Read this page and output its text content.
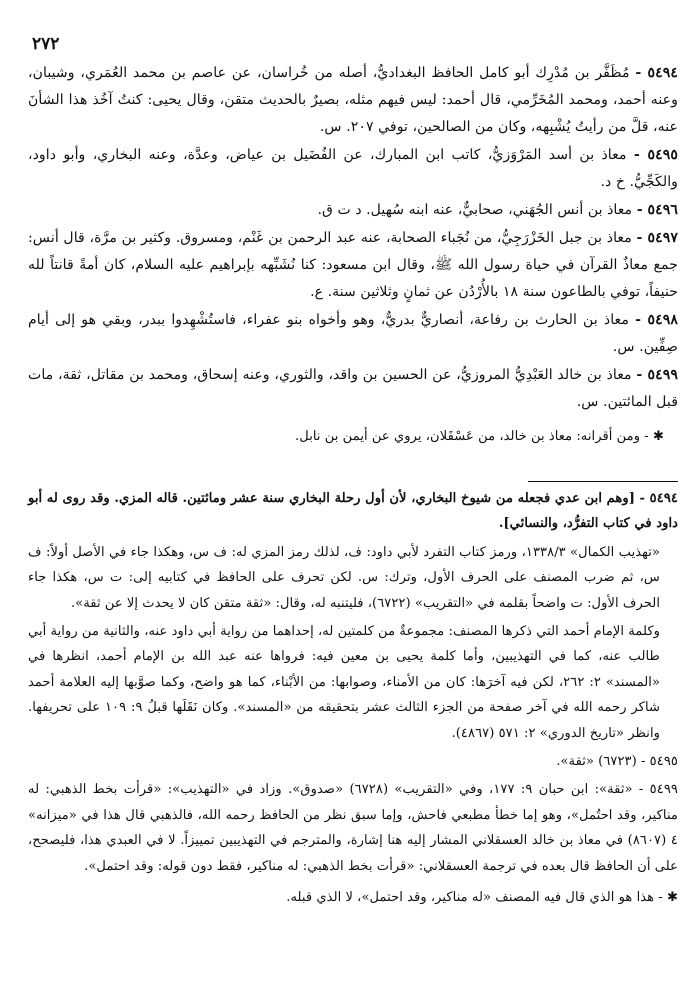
٢٧٢

٥٤٩٤ - مُظَفَّر بن مُدْرِك أبو كامل الحافظ البغداديُّ، أصله من خُراسان، عن عاصم بن محمد العُمَري، وشيبان، وعنه أحمد، ومحمد المُخَرِّمي، قال أحمد: ليس فيهم مثله، بصيرٌ بالحديث متقن، وقال يحيى: كنتُ آخُذ هذا الشأنَ عنه، قلَّ من رأيتُ يُشْبِهه، وكان من الصالحين، توفي ٢٠٧. س.

٥٤٩٥ - معاذ بن أسد المَرْوَزيُّ، كاتب ابن المبارك، عن الفُضَيل بن عياض، وعدَّة، وعنه البخاري، وأبو داود، والكَجِّيُّ. خ د.

٥٤٩٦ - معاذ بن أنس الجُهَني، صحابيٌّ، عنه ابنه سُهيل. د ت ق.

٥٤٩٧ - معاذ بن جبل الخَزْرَجِيُّ، من نُجَباء الصحابة، عنه عبد الرحمن بن غَنْم، ومسروق. وكثير بن مرَّة، قال أنس: جمع معاذٌ القرآن في حياة رسول الله ﷺ، وقال ابن مسعود: كنا نُشَبِّهه بإبراهيم عليه السلام، كان أمةً قانتاً لله حنيفاً، توفي بالطاعون سنة ١٨ بالأُرْدُن عن ثمانٍ وثلاثين سنة. ع.

٥٤٩٨ - معاذ بن الحارث بن رفاعة، أنصاريٌّ بدريٌّ، وهو وأخواه بنو عفراء، فاستُشْهِدوا ببدر، وبقي هو إلى أيام صِفِّين. س.

٥٤٩٩ - معاذ بن خالد العَبْدِيُّ المروزيُّ، عن الحسين بن واقد، والثوري، وعنه إسحاق، ومحمد بن مقاتل، ثقة، مات قبل المائتين. س.

✱ - ومن أقرانه: معاذ بن خالد، من عَسْقَلان، يروي عن أيمن بن نابل.

٥٤٩٤ - [وهم ابن عدي فجعله من شيوخ البخاري، لأن أول رحلة البخاري سنة عشر ومائتين. قاله المزي. وقد روى له أبو داود في كتاب التفرُّد، والنسائي].

«تهذيب الكمال» ١٣٣٨/٣، ورمز كتاب التفرد لأبي داود: ف، لذلك رمز المزي له: ف س، وهكذا جاء في الأصل أولاً: ف س، ثم ضرب المصنف على الحرف الأول، وترك: س. لكن تحرف على الحافظ في كتابيه إلى: ت س، هكذا جاء الحرف الأول: ت واضحاً بقلمه في «التقريب» (٦٧٢٢)، فليتنبه له، وقال: «ثقة متقن كان لا يحدث إلا عن ثقة».

وكلمة الإمام أحمد التي ذكرها المصنف: مجموعةٌ من كلمتين له، إحداهما من رواية أبي داود عنه، والثانية من رواية أبي طالب عنه، كما في التهذيبين، وأما كلمة يحيى بن معين فيه: فرواها عنه عبد الله بن الإمام أحمد، انظرها في «المسند» ٢: ٢٦٢، لكن فيه آخرَها: كان من الأمناء، وصوابها: من الأبْناء، كما هو واضح، وكما صوَّبها إليه العلامة أحمد شاكر رحمه الله في آخر صفحة من الجزء الثالث عشر بتحقيقه من «المسند». وكان نَقَلَها قبلُ ٩: ١٠٩ على تحريفها. وانظر «تاريخ الدوري» ٢: ٥٧١ (٤٨٦٧).

٥٤٩٥ - (٦٧٢٣) «ثقة».

٥٤٩٩ - «ثقة»: ابن حبان ٩: ١٧٧، وفي «التقريب» (٦٧٢٨) «صدوق». وزاد في «التهذيب»: «قرأت بخط الذهبي: له مناكير، وقد احتُمل»، وهو إما خطأ مطبعي فاحش، وإما سبق نظر من الحافظ رحمه الله، فالذهبي قال هذا في «ميزانه» ٤ (٨٦٠٧) في معاذ بن خالد العسقلاني المشار إليه هنا إشارة، والمترجم في التهذيبين تمييزاً. لا في العبدي هذا، فليصحح، على أن الحافظ قال بعده في ترجمة العسقلاني: «قرأت بخط الذهبي: له مناكير، فقط دون قوله: وقد احتمل».

✱ - هذا هو الذي قال فيه المصنف «له مناكير، وقد احتمل»، لا الذي قبله.
